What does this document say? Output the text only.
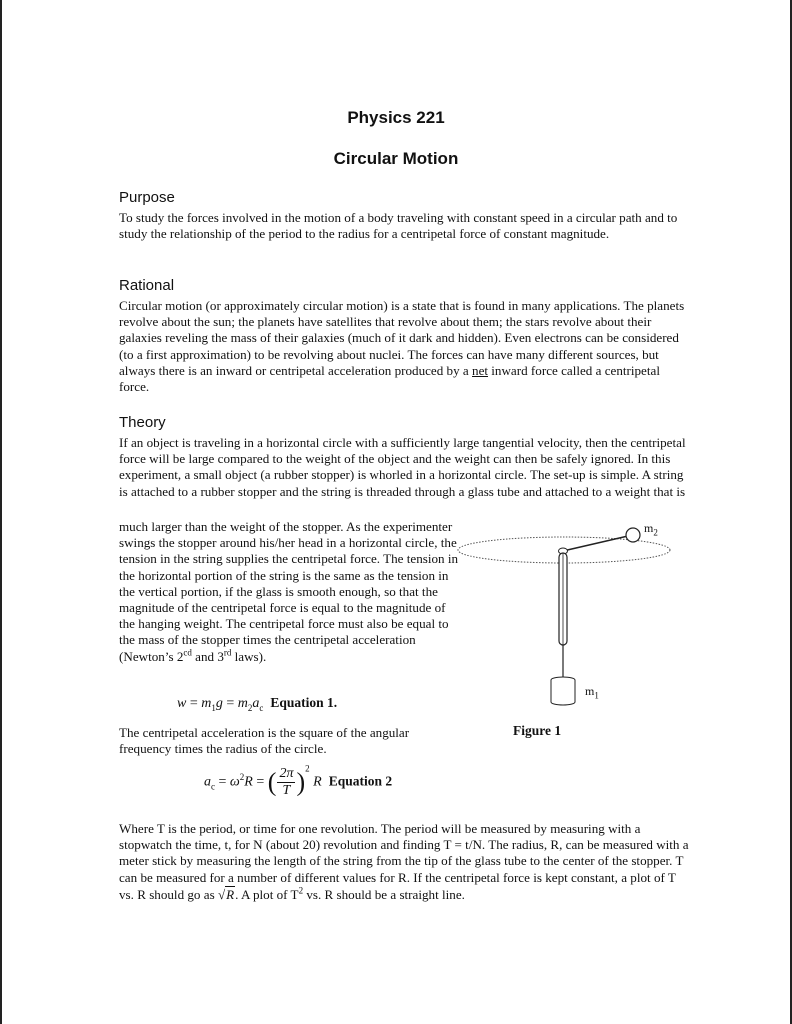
Physics 221
Circular Motion
Purpose

To study the forces involved in the motion of a body traveling with constant speed in a circular path and to study the relationship of the period to the radius for a centripetal force of constant magnitude.

Rational

Circular motion (or approximately circular motion) is a state that is found in many applications. The planets revolve about the sun; the planets have satellites that revolve about them; the stars revolve about their galaxies reveling the mass of their galaxies (much of it dark and hidden). Even electrons can be considered (to a first approximation) to be revolving about nuclei. The forces can have many different sources, but always there is an inward or centripetal acceleration produced by a net inward force called a centripetal force.

Theory

If an object is traveling in a horizontal circle with a sufficiently large tangential velocity, then the centripetal force will be large compared to the weight of the object and the weight can then be safely ignored. In this experiment, a small object (a rubber stopper) is whorled in a horizontal circle. The set-up is simple. A string is attached to a rubber stopper and the string is threaded through a glass tube and attached to a weight that is

much larger than the weight of the stopper. As the experimenter swings the stopper around his/her head in a horizontal circle, the tension in the string supplies the centripetal force. The tension in the horizontal portion of the string is the same as the tension in the vertical portion, if the glass is smooth enough, so that the magnitude of the centripetal force is equal to the magnitude of the hanging weight. The centripetal force must also be equal to the mass of the stopper times the centripetal acceleration (Newton’s $2^{cd}$ and 3rd laws).

$w = m_1g = m_2a_c$ Equation 1.

The centripetal acceleration is the square of the angular frequency times the radius of the circle.

$a_c = \omega^2R$ = ( $\frac{2\pi}{T} )^2$ R Equation 2

Where T is the period, or time for one revolution. The period will be measured by measuring with a stopwatch the time, t, for N (about 20) revolution and finding T = t/N. The radius, R, can be measured with a meter stick by measuring the length of the string from the tip of the glass tube to the center of the stopper. T can be measured for a number of different values for R. If the centripetal force is kept constant, a plot of T vs. R should go as √R. A plot of $T^2$ vs. R should be a straight line.

$m_2$
$m_1$
Figure 1
